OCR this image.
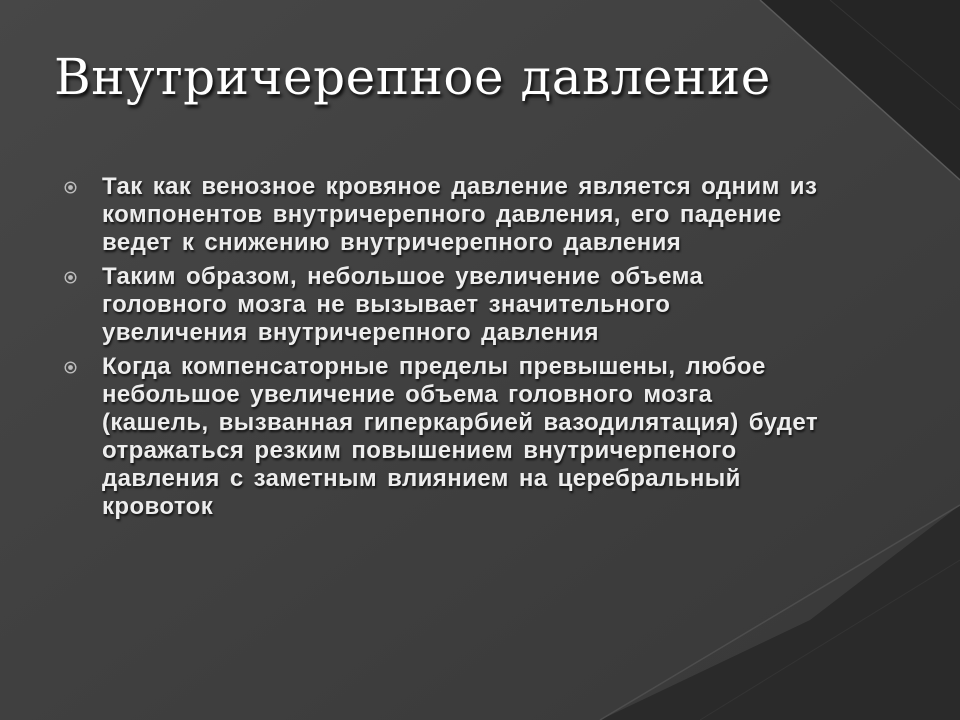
Внутричерепное давление
Так как венозное кровяное давление является одним из компонентов внутричерепного давления, его падение ведет к снижению внутричерепного давления
Таким образом, небольшое увеличение объема головного мозга не вызывает значительного увеличения внутричерепного давления
Когда компенсаторные пределы превышены, любое небольшое увеличение объема головного мозга (кашель, вызванная гиперкарбией вазодилятация) будет отражаться резким повышением внутричерпеного давления с заметным влиянием на церебральный кровоток
